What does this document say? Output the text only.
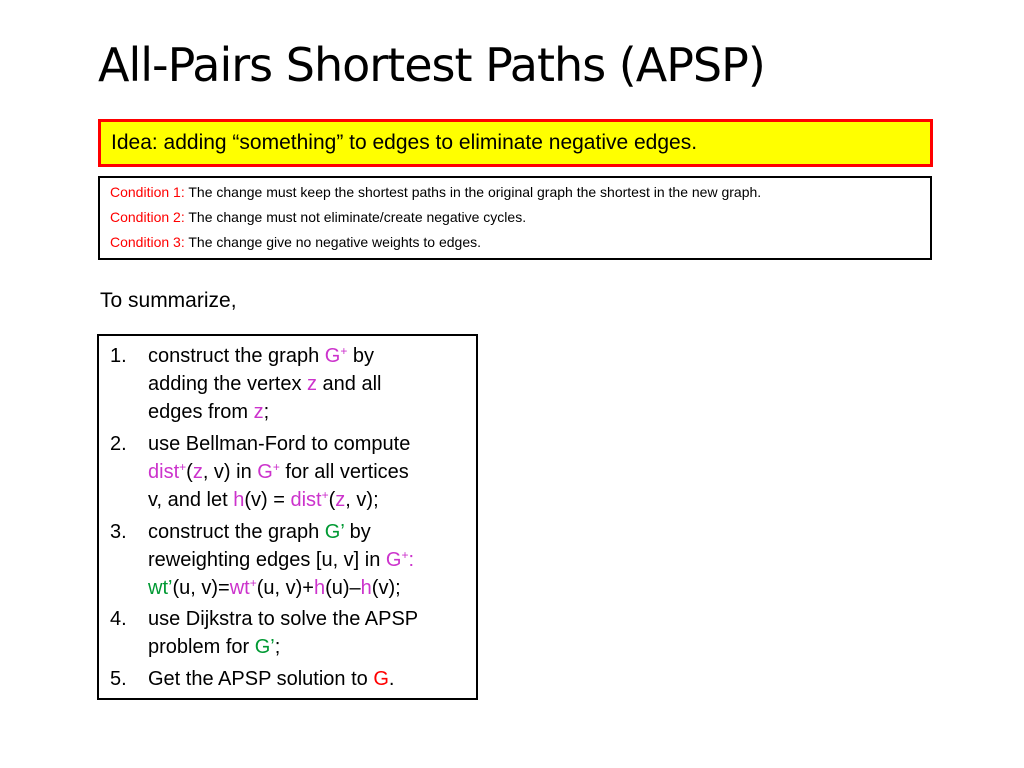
All-Pairs Shortest Paths (APSP)
Idea: adding “something” to edges to eliminate negative edges.
Condition 1: The change must keep the shortest paths in the original graph the shortest in the new graph.
Condition 2: The change must not eliminate/create negative cycles.
Condition 3: The change give no negative weights to edges.
To summarize,
1. construct the graph G+ by
adding the vertex z and all
edges from z;
2. use Bellman-Ford to compute
dist+(z, v) in G+ for all vertices
v, and let h(v) = dist+(z, v);
3. construct the graph G’ by
reweighting edges [u, v] in G+:
wt’(u, v)=wt+(u, v)+h(u)–h(v);
4. use Dijkstra to solve the APSP
problem for G’;
5. Get the APSP solution to G.
